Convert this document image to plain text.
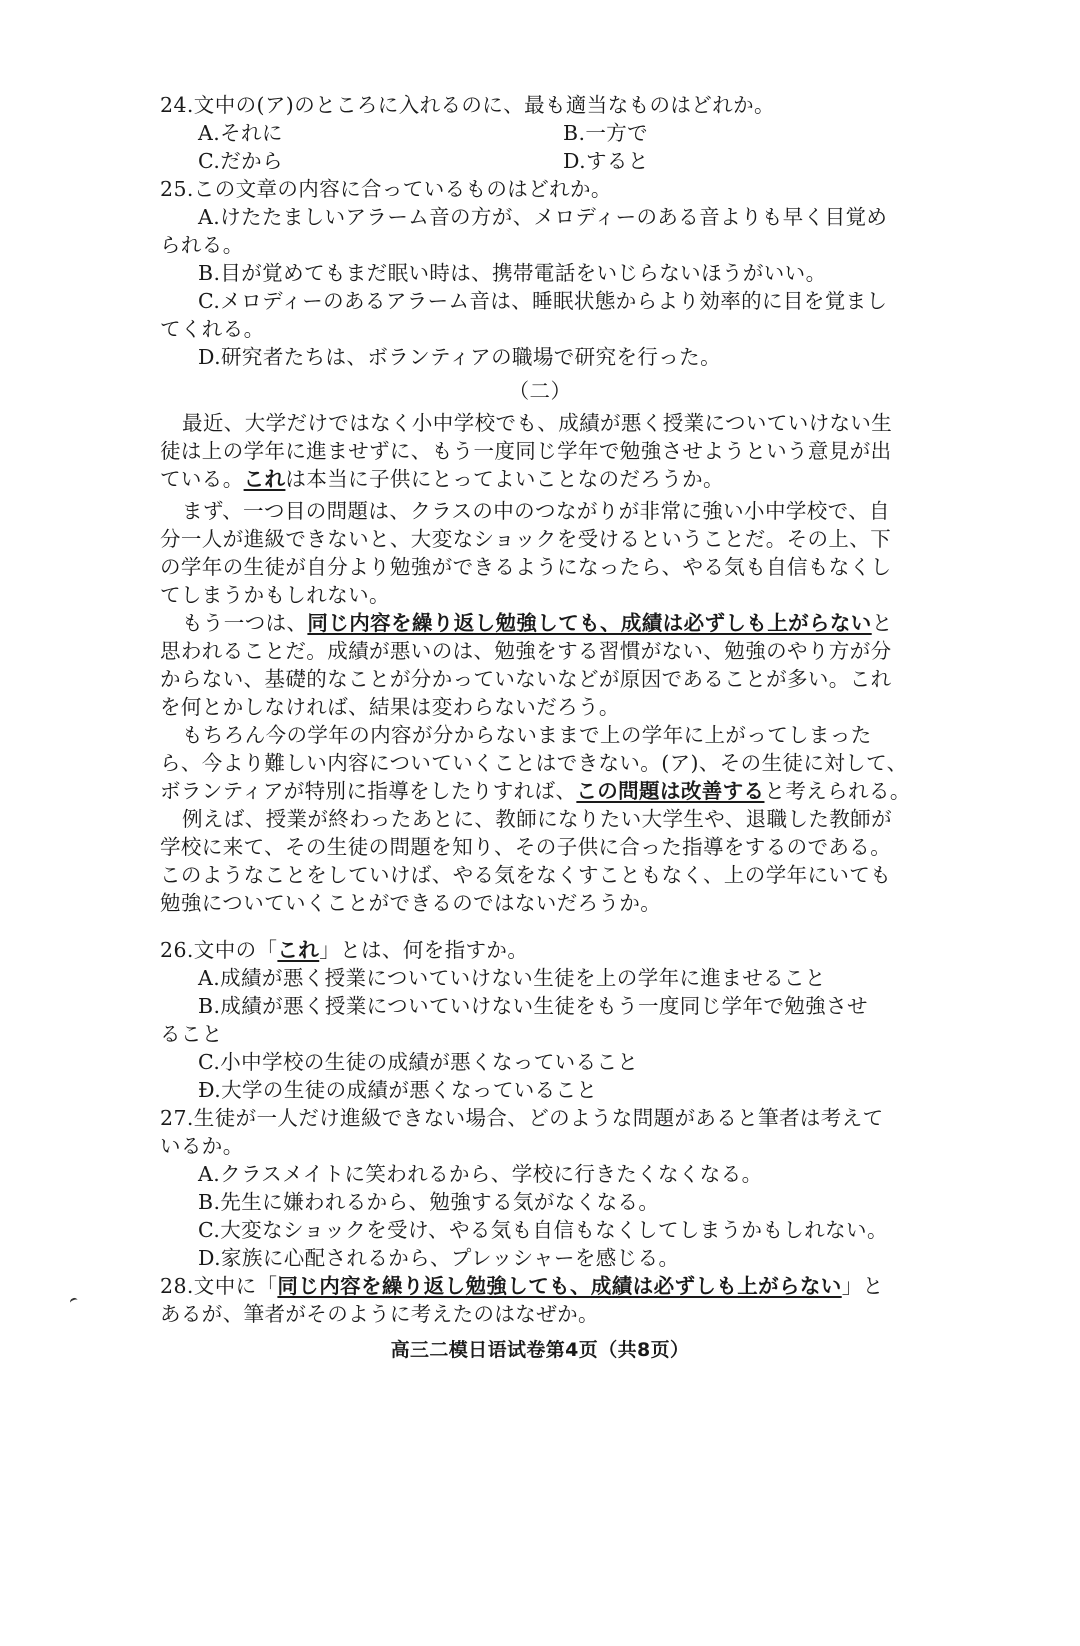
24.文中の(ア)のところに入れるのに、最も適当なものはどれか。
A.それに	B.一方で
C.だから	D.すると
25.この文章の内容に合っているものはどれか。
A.けたたましいアラーム音の方が、メロディーのある音よりも早く目覚め
られる。
B.目が覚めてもまだ眠い時は、携帯電話をいじらないほうがいい。
C.メロディーのあるアラーム音は、睡眠状態からより効率的に目を覚まし
てくれる。
D.研究者たちは、ボランティアの職場で研究を行った。
（二）
最近、大学だけではなく小中学校でも、成績が悪く授業についていけない生
徒は上の学年に進ませずに、もう一度同じ学年で勉強させようという意見が出
ている。これは本当に子供にとってよいことなのだろうか。
まず、一つ目の問題は、クラスの中のつながりが非常に強い小中学校で、自
分一人が進級できないと、大変なショックを受けるということだ。その上、下
の学年の生徒が自分より勉強ができるようになったら、やる気も自信もなくし
てしまうかもしれない。
もう一つは、同じ内容を繰り返し勉強しても、成績は必ずしも上がらないと
思われることだ。成績が悪いのは、勉強をする習慣がない、勉強のやり方が分
からない、基礎的なことが分かっていないなどが原因であることが多い。これ
を何とかしなければ、結果は変わらないだろう。
もちろん今の学年の内容が分からないままで上の学年に上がってしまった
ら、今より難しい内容についていくことはできない。(ア)、その生徒に対して、
ボランティアが特別に指導をしたりすれば、この問題は改善すると考えられる。
例えば、授業が終わったあとに、教師になりたい大学生や、退職した教師が
学校に来て、その生徒の問題を知り、その子供に合った指導をするのである。
このようなことをしていけば、やる気をなくすこともなく、上の学年にいても
勉強についていくことができるのではないだろうか。
26.文中の「これ」とは、何を指すか。
A.成績が悪く授業についていけない生徒を上の学年に進ませること
B.成績が悪く授業についていけない生徒をもう一度同じ学年で勉強させ
ること
C.小中学校の生徒の成績が悪くなっていること
Đ.大学の生徒の成績が悪くなっていること
27.生徒が一人だけ進級できない場合、どのような問題があると筆者は考えて
いるか。
A.クラスメイトに笑われるから、学校に行きたくなくなる。
B.先生に嫌われるから、勉強する気がなくなる。
C.大変なショックを受け、やる気も自信もなくしてしまうかもしれない。
D.家族に心配されるから、プレッシャーを感じる。
28.文中に「同じ内容を繰り返し勉強しても、成績は必ずしも上がらない」と
あるが、筆者がそのように考えたのはなぜか。
高三二模日语试卷第4页（共8页）
